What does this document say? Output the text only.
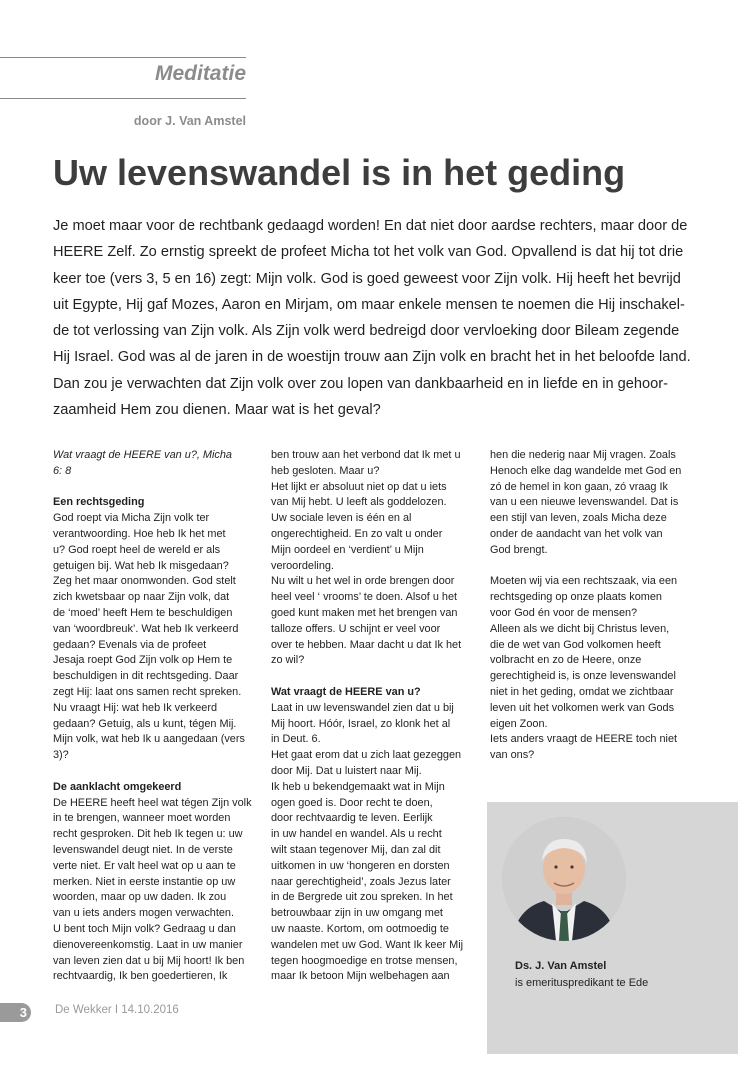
Meditatie
door J. Van Amstel
Uw levenswandel is in het geding
Je moet maar voor de rechtbank gedaagd worden! En dat niet door aardse rechters, maar door de
HEERE Zelf. Zo ernstig spreekt de profeet Micha tot het volk van God. Opvallend is dat hij tot drie
keer toe (vers 3, 5 en 16) zegt: Mijn volk. God is goed geweest voor Zijn volk. Hij heeft het bevrijd
uit Egypte, Hij gaf Mozes, Aaron en Mirjam, om maar enkele mensen te noemen die Hij inschakel-
de tot verlossing van Zijn volk. Als Zijn volk werd bedreigd door vervloeking door Bileam zegende
Hij Israel. God was al de jaren in de woestijn trouw aan Zijn volk en bracht het in het beloofde land.
Dan zou je verwachten dat Zijn volk over zou lopen van dankbaarheid en in liefde en in gehoor-
zaamheid Hem zou dienen. Maar wat is het geval?
Wat vraagt de HEERE van u?, Micha
6: 8
Een rechtsgeding
God roept via Micha Zijn volk ter
verantwoording. Hoe heb Ik het met
u? God roept heel de wereld er als
getuigen bij. Wat heb Ik misgedaan?
Zeg het maar onomwonden. God stelt
zich kwetsbaar op naar Zijn volk, dat
de ‘moed’ heeft Hem te beschuldigen
van ‘woordbreuk’. Wat heb Ik verkeerd
gedaan? Evenals via de profeet
Jesaja roept God Zijn volk op Hem te
beschuldigen in dit rechtsgeding. Daar
zegt Hij: laat ons samen recht spreken.
Nu vraagt Hij: wat heb Ik verkeerd
gedaan? Getuig, als u kunt, tégen Mij.
Mijn volk, wat heb Ik u aangedaan (vers
3)?
De aanklacht omgekeerd
De HEERE heeft heel wat tégen Zijn volk
in te brengen, wanneer moet worden
recht gesproken. Dit heb Ik tegen u: uw
levenswandel deugt niet. In de verste
verte niet. Er valt heel wat op u aan te
merken. Niet in eerste instantie op uw
woorden, maar op uw daden. Ik zou
van u iets anders mogen verwachten.
U bent toch Mijn volk? Gedraag u dan
dienovereenkomstig. Laat in uw manier
van leven zien dat u bij Mij hoort! Ik ben
rechtvaardig, Ik ben goedertieren, Ik
ben trouw aan het verbond dat Ik met u
heb gesloten. Maar u?
Het lijkt er absoluut niet op dat u iets
van Mij hebt. U leeft als goddelozen.
Uw sociale leven is één en al
ongerechtigheid. En zo valt u onder
Mijn oordeel en ‘verdient’ u Mijn
veroordeling.
Nu wilt u het wel in orde brengen door
heel veel ‘ vrooms’ te doen. Alsof u het
goed kunt maken met het brengen van
talloze offers. U schijnt er veel voor
over te hebben. Maar dacht u dat Ik het
zo wil?
Wat vraagt de HEERE van u?
Laat in uw levenswandel zien dat u bij
Mij hoort. Hóór, Israel, zo klonk het al
in Deut. 6.
Het gaat erom dat u zich laat gezeggen
door Mij. Dat u luistert naar Mij.
Ik heb u bekendgemaakt wat in Mijn
ogen goed is. Door recht te doen,
door rechtvaardig te leven. Eerlijk
in uw handel en wandel. Als u recht
wilt staan tegenover Mij, dan zal dit
uitkomen in uw ‘hongeren en dorsten
naar gerechtigheid’, zoals Jezus later
in de Bergrede uit zou spreken. In het
betrouwbaar zijn in uw omgang met
uw naaste. Kortom, om ootmoedig te
wandelen met uw God. Want Ik keer Mij
tegen hoogmoedige en trotse mensen,
maar Ik betoon Mijn welbehagen aan
hen die nederig naar Mij vragen. Zoals
Henoch elke dag wandelde met God en
zó de hemel in kon gaan, zó vraag Ik
van u een nieuwe levenswandel. Dat is
een stijl van leven, zoals Micha deze
onder de aandacht van het volk van
God brengt.
Moeten wij via een rechtszaak, via een
rechtsgeding op onze plaats komen
voor God én voor de mensen?
Alleen als we dicht bij Christus leven,
die de wet van God volkomen heeft
volbracht en zo de Heere, onze
gerechtigheid is, is onze levenswandel
niet in het geding, omdat we zichtbaar
leven uit het volkomen werk van Gods
eigen Zoon.
Iets anders vraagt de HEERE toch niet
van ons?
Ds. J. Van Amstel
is emerituspredikant te Ede
3	De Wekker I 14.10.2016
